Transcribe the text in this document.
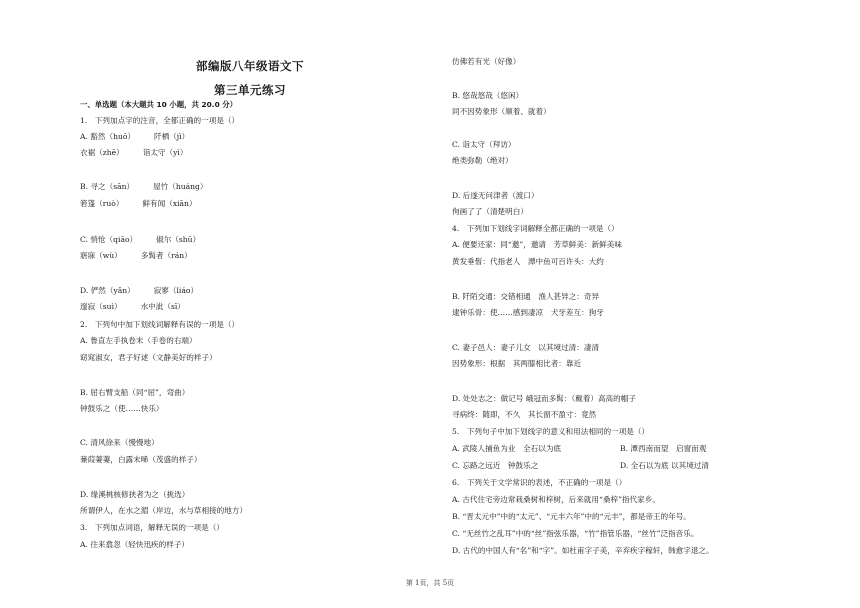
部编版八年级语文下
第三单元练习
一、单选题（本大题共 10 小题，共 20.0 分）
1.　下列加点字的注音，全都正确的一项是（）
A. 豁然（huō）　　　阡栖（jì）
衣裾（zhē）　　　诣太守（yì）
B. 寻之（sān）　　　屋竹（huáng）
箬篷（ruò）　　　鲜有闻（xiān）
C. 悄怆（qiāo）　　　俶尔（shū）
寤寐（wù）　　　多髯者（rán）
D. 俨然（yǎn）　　　寂寥（liáo）
邃寂（suì）　　　水中泚（sī）
2.　下列句中加下划线词解释有误的一项是（）
A. 鲁直左手执卷末（手卷的右端）
窈窕淑女，君子好逑（文静美好的样子）
B. 屈右臂支船（同“屈”，弯曲）
钟鼓乐之（使……快乐）
C. 清风徐来（慢慢地）
蒹葭萋萋，白露未晞（茂盛的样子）
D. 缘溪桃核修狭者为之（挑选）
所谓伊人，在水之湄（岸边，水与草相接的地方）
3.　下列加点词语，解释无误的一项是（）
A. 往来翕忽（轻快迅疾的样子）
仿佛若有光（好像）
B. 悠哉悠哉（悠闲）
同不因势象形（顺着、就着）
C. 诣太守（拜访）
绝类弥勒（绝对）
D. 后遂无问津者（渡口）
佝画了了（清楚明白）
4.　下列加下划线字词解释全都正确的一项是（）
A. 便要还家：同“邀”，邀请　芳草鲜美：新鲜美味
黄发垂髫：代指老人　潭中鱼可百许头：大约
B. 阡陌交通：交错相通　渔人甚异之：奇异
逮钟乐骨：使……感到凄凉　犬牙差互：狗牙
C. 妻子邑人：妻子儿女　以其境过清：凄清
因势象形：根据　其两膝相比者：靠近
D. 处处志之：做记号 峨冠而多髯：（戴着）高高的帽子
寻病终：随即，不久　其长窗不盈寸：竟然
5.　下列句子中加下划线字的意义和用法相同的一项是（）
A. 武陵人捕鱼为业　全石以为底	B. 潭西南而望　启窗而观
C. 忘路之远近　钟鼓乐之	D. 全石以为底 以其境过清
6.　下列关于文学常识的表述，不正确的一项是（）
A. 古代住宅旁边常栽桑树和梓树，后来就用“桑梓”指代家乡。
B. “晋太元中”中的“太元”、“元丰六年”中的“元丰”，都是帝王的年号。
C. “无丝竹之乱耳”中的“丝”指弦乐器，“竹”指管乐器，“丝竹”泛指音乐。
D. 古代的中国人有“名”和“字”。如杜甫字子美，辛弃疾字稼轩，韩愈字退之。
第 1页，共 5页
